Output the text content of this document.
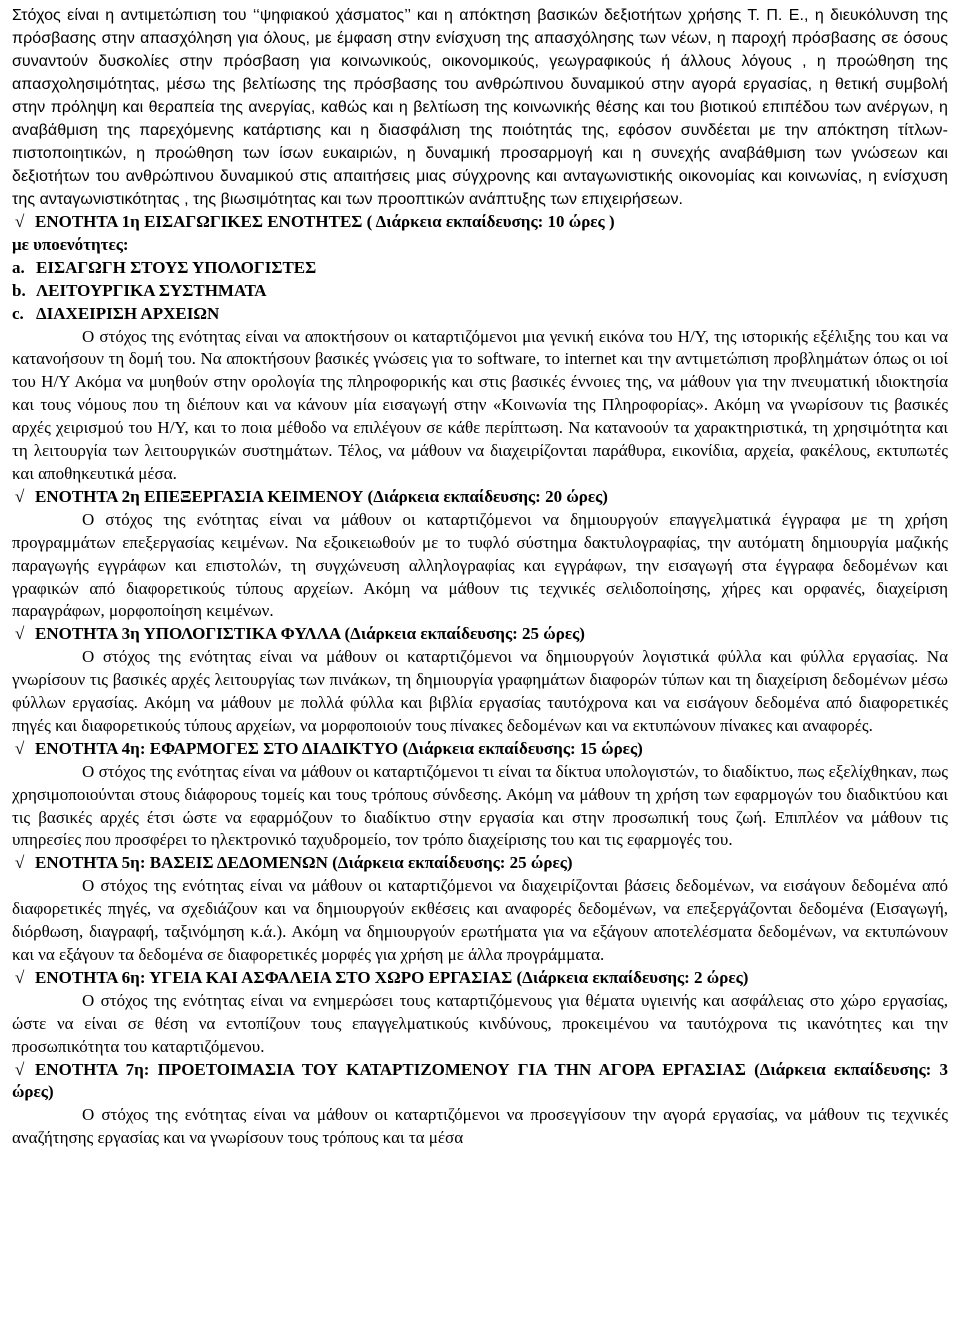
Στόχος είναι η αντιμετώπιση του ‘‘ψηφιακού χάσματος’’ και η απόκτηση βασικών δεξιοτήτων χρήσης Τ. Π. Ε., η διευκόλυνση της πρόσβασης στην απασχόληση για όλους, με έμφαση στην ενίσχυση της απασχόλησης των νέων, η παροχή πρόσβασης σε όσους συναντούν δυσκολίες στην πρόσβαση για κοινωνικούς, οικονομικούς, γεωγραφικούς ή άλλους λόγους , η προώθηση της απασχολησιμότητας, μέσω της βελτίωσης της πρόσβασης του ανθρώπινου δυναμικού στην αγορά εργασίας, η θετική συμβολή στην πρόληψη και θεραπεία της ανεργίας, καθώς και η βελτίωση της κοινωνικής θέσης και του βιοτικού επιπέδου των ανέργων, η αναβάθμιση της παρεχόμενης κατάρτισης και η διασφάλιση της ποιότητάς της, εφόσον συνδέεται με την απόκτηση τίτλων- πιστοποιητικών, η προώθηση των ίσων ευκαιριών, η δυναμική προσαρμογή και η συνεχής αναβάθμιση των γνώσεων και δεξιοτήτων του ανθρώπινου δυναμικού στις απαιτήσεις μιας σύγχρονης και ανταγωνιστικής οικονομίας και κοινωνίας, η ενίσχυση της ανταγωνιστικότητας , της βιωσιμότητας και των προοπτικών ανάπτυξης των επιχειρήσεων.

√ ΕΝΟΤΗΤΑ 1η ΕΙΣΑΓΩΓΙΚΕΣ ΕΝΟΤΗΤΕΣ ( Διάρκεια εκπαίδευσης: 10 ώρες )

με υποενότητες:

a. ΕΙΣΑΓΩΓΗ ΣΤΟΥΣ ΥΠΟΛΟΓΙΣΤΕΣ

b. ΛΕΙΤΟΥΡΓΙΚΑ ΣΥΣΤΗΜΑΤΑ

c. ΔΙΑΧΕΙΡΙΣΗ ΑΡΧΕΙΩΝ

Ο στόχος της ενότητας είναι να αποκτήσουν οι καταρτιζόμενοι μια γενική εικόνα του Η/Υ, της ιστορικής εξέλιξης του και να κατανοήσουν τη δομή του. Να αποκτήσουν βασικές γνώσεις για το software, το internet και την αντιμετώπιση προβλημάτων όπως οι ιοί του Η/Υ Ακόμα να μυηθούν στην ορολογία της πληροφορικής και στις βασικές έννοιες της, να μάθουν για την πνευματική ιδιοκτησία και τους νόμους που τη διέπουν και να κάνουν μία εισαγωγή στην «Κοινωνία της Πληροφορίας». Ακόμη να γνωρίσουν τις βασικές αρχές χειρισμού του Η/Υ, και το ποια μέθοδο να επιλέγουν σε κάθε περίπτωση. Να κατανοούν τα χαρακτηριστικά, τη χρησιμότητα και τη λειτουργία των λειτουργικών συστημάτων. Τέλος, να μάθουν να διαχειρίζονται παράθυρα, εικονίδια, αρχεία, φακέλους, εκτυπωτές και αποθηκευτικά μέσα.

√ ΕΝΟΤΗΤΑ 2η ΕΠΕΞΕΡΓΑΣΙΑ ΚΕΙΜΕΝΟΥ (Διάρκεια εκπαίδευσης: 20 ώρες)

Ο στόχος της ενότητας είναι να μάθουν οι καταρτιζόμενοι να δημιουργούν επαγγελματικά έγγραφα με τη χρήση προγραμμάτων επεξεργασίας κειμένων. Να εξοικειωθούν με το τυφλό σύστημα δακτυλογραφίας, την αυτόματη δημιουργία μαζικής παραγωγής εγγράφων και επιστολών, τη συγχώνευση αλληλογραφίας και εγγράφων, την εισαγωγή στα έγγραφα δεδομένων και γραφικών από διαφορετικούς τύπους αρχείων. Ακόμη να μάθουν τις τεχνικές σελιδοποίησης, χήρες και ορφανές, διαχείριση παραγράφων, μορφοποίηση κειμένων.

√ ΕΝΟΤΗΤΑ 3η ΥΠΟΛΟΓΙΣΤΙΚΑ ΦΥΛΛΑ (Διάρκεια εκπαίδευσης: 25 ώρες)

Ο στόχος της ενότητας είναι να μάθουν οι καταρτιζόμενοι να δημιουργούν λογιστικά φύλλα και φύλλα εργασίας. Να γνωρίσουν τις βασικές αρχές λειτουργίας των πινάκων, τη δημιουργία γραφημάτων διαφορών τύπων και τη διαχείριση δεδομένων μέσω φύλλων εργασίας. Ακόμη να μάθουν με πολλά φύλλα και βιβλία εργασίας ταυτόχρονα και να εισάγουν δεδομένα από διαφορετικές πηγές και διαφορετικούς τύπους αρχείων, να μορφοποιούν τους πίνακες δεδομένων και να εκτυπώνουν πίνακες και αναφορές.

√ ΕΝΟΤΗΤΑ 4η: ΕΦΑΡΜΟΓΕΣ ΣΤΟ ΔΙΑΔΙΚΤΥΟ (Διάρκεια εκπαίδευσης: 15 ώρες)

Ο στόχος της ενότητας είναι να μάθουν οι καταρτιζόμενοι τι είναι τα δίκτυα υπολογιστών, το διαδίκτυο, πως εξελίχθηκαν, πως χρησιμοποιούνται στους διάφορους τομείς και τους τρόπους σύνδεσης. Ακόμη να μάθουν τη χρήση των εφαρμογών του διαδικτύου και τις βασικές αρχές έτσι ώστε να εφαρμόζουν το διαδίκτυο στην εργασία και στην προσωπική τους ζωή. Επιπλέον να μάθουν τις υπηρεσίες που προσφέρει το ηλεκτρονικό ταχυδρομείο, τον τρόπο διαχείρισης του και τις εφαρμογές του.

√ ΕΝΟΤΗΤΑ 5η: ΒΑΣΕΙΣ ΔΕΔΟΜΕΝΩΝ (Διάρκεια εκπαίδευσης: 25 ώρες)

Ο στόχος της ενότητας είναι να μάθουν οι καταρτιζόμενοι να διαχειρίζονται βάσεις δεδομένων, να εισάγουν δεδομένα από διαφορετικές πηγές, να σχεδιάζουν και να δημιουργούν εκθέσεις και αναφορές δεδομένων, να επεξεργάζονται δεδομένα (Εισαγωγή, διόρθωση, διαγραφή, ταξινόμηση κ.ά.). Ακόμη να δημιουργούν ερωτήματα για να εξάγουν αποτελέσματα δεδομένων, να εκτυπώνουν και να εξάγουν τα δεδομένα σε διαφορετικές μορφές για χρήση με άλλα προγράμματα.

√ ΕΝΟΤΗΤΑ 6η: ΥΓΕΙΑ ΚΑΙ ΑΣΦΑΛΕΙΑ ΣΤΟ ΧΩΡΟ ΕΡΓΑΣΙΑΣ (Διάρκεια εκπαίδευσης: 2 ώρες)

Ο στόχος της ενότητας είναι να ενημερώσει τους καταρτιζόμενους για θέματα υγιεινής και ασφάλειας στο χώρο εργασίας, ώστε να είναι σε θέση να εντοπίζουν τους επαγγελματικούς κινδύνους, προκειμένου να ταυτόχρονα τις ικανότητες και την προσωπικότητα του καταρτιζόμενου.

√ ΕΝΟΤΗΤΑ 7η: ΠΡΟΕΤΟΙΜΑΣΙΑ ΤΟΥ ΚΑΤΑΡΤΙΖΟΜΕΝΟΥ ΓΙΑ ΤΗΝ ΑΓΟΡΑ ΕΡΓΑΣΙΑΣ (Διάρκεια εκπαίδευσης: 3 ώρες)

Ο στόχος της ενότητας είναι να μάθουν οι καταρτιζόμενοι να προσεγγίσουν την αγορά εργασίας, να μάθουν τις τεχνικές αναζήτησης εργασίας και να γνωρίσουν τους τρόπους και τα μέσα
